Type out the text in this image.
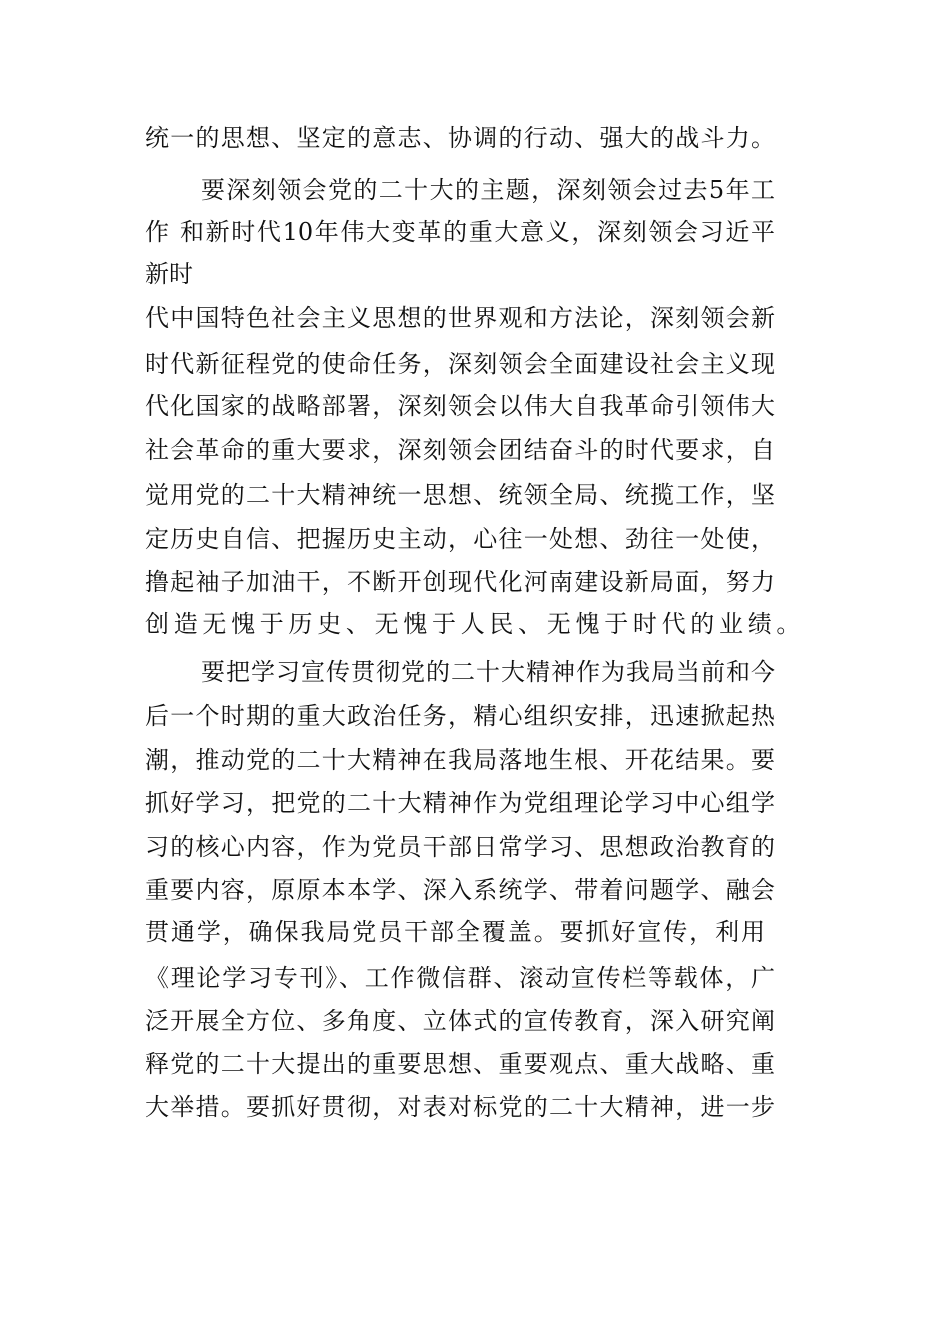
统一的思想、坚定的意志、协调的行动、强大的战斗力。
要深刻领会党的二十大的主题，深刻领会过去5年工
作 和新时代10年伟大变革的重大意义，深刻领会习近平
新时
代中国特色社会主义思想的世界观和方法论，深刻领会新
时代新征程党的使命任务，深刻领会全面建设社会主义现
代化国家的战略部署，深刻领会以伟大自我革命引领伟大
社会革命的重大要求，深刻领会团结奋斗的时代要求，自
觉用党的二十大精神统一思想、统领全局、统揽工作，坚
定历史自信、把握历史主动，心往一处想、劲往一处使，
撸起袖子加油干，不断开创现代化河南建设新局面，努力
创造无愧于历史、无愧于人民、无愧于时代的业绩。
要把学习宣传贯彻党的二十大精神作为我局当前和今
后一个时期的重大政治任务，精心组织安排，迅速掀起热
潮，推动党的二十大精神在我局落地生根、开花结果。要
抓好学习，把党的二十大精神作为党组理论学习中心组学
习的核心内容，作为党员干部日常学习、思想政治教育的
重要内容，原原本本学、深入系统学、带着问题学、融会
贯通学，确保我局党员干部全覆盖。要抓好宣传，利用
《理论学习专刊》、工作微信群、滚动宣传栏等载体，广
泛开展全方位、多角度、立体式的宣传教育，深入研究阐
释党的二十大提出的重要思想、重要观点、重大战略、重
大举措。要抓好贯彻，对表对标党的二十大精神，进一步
